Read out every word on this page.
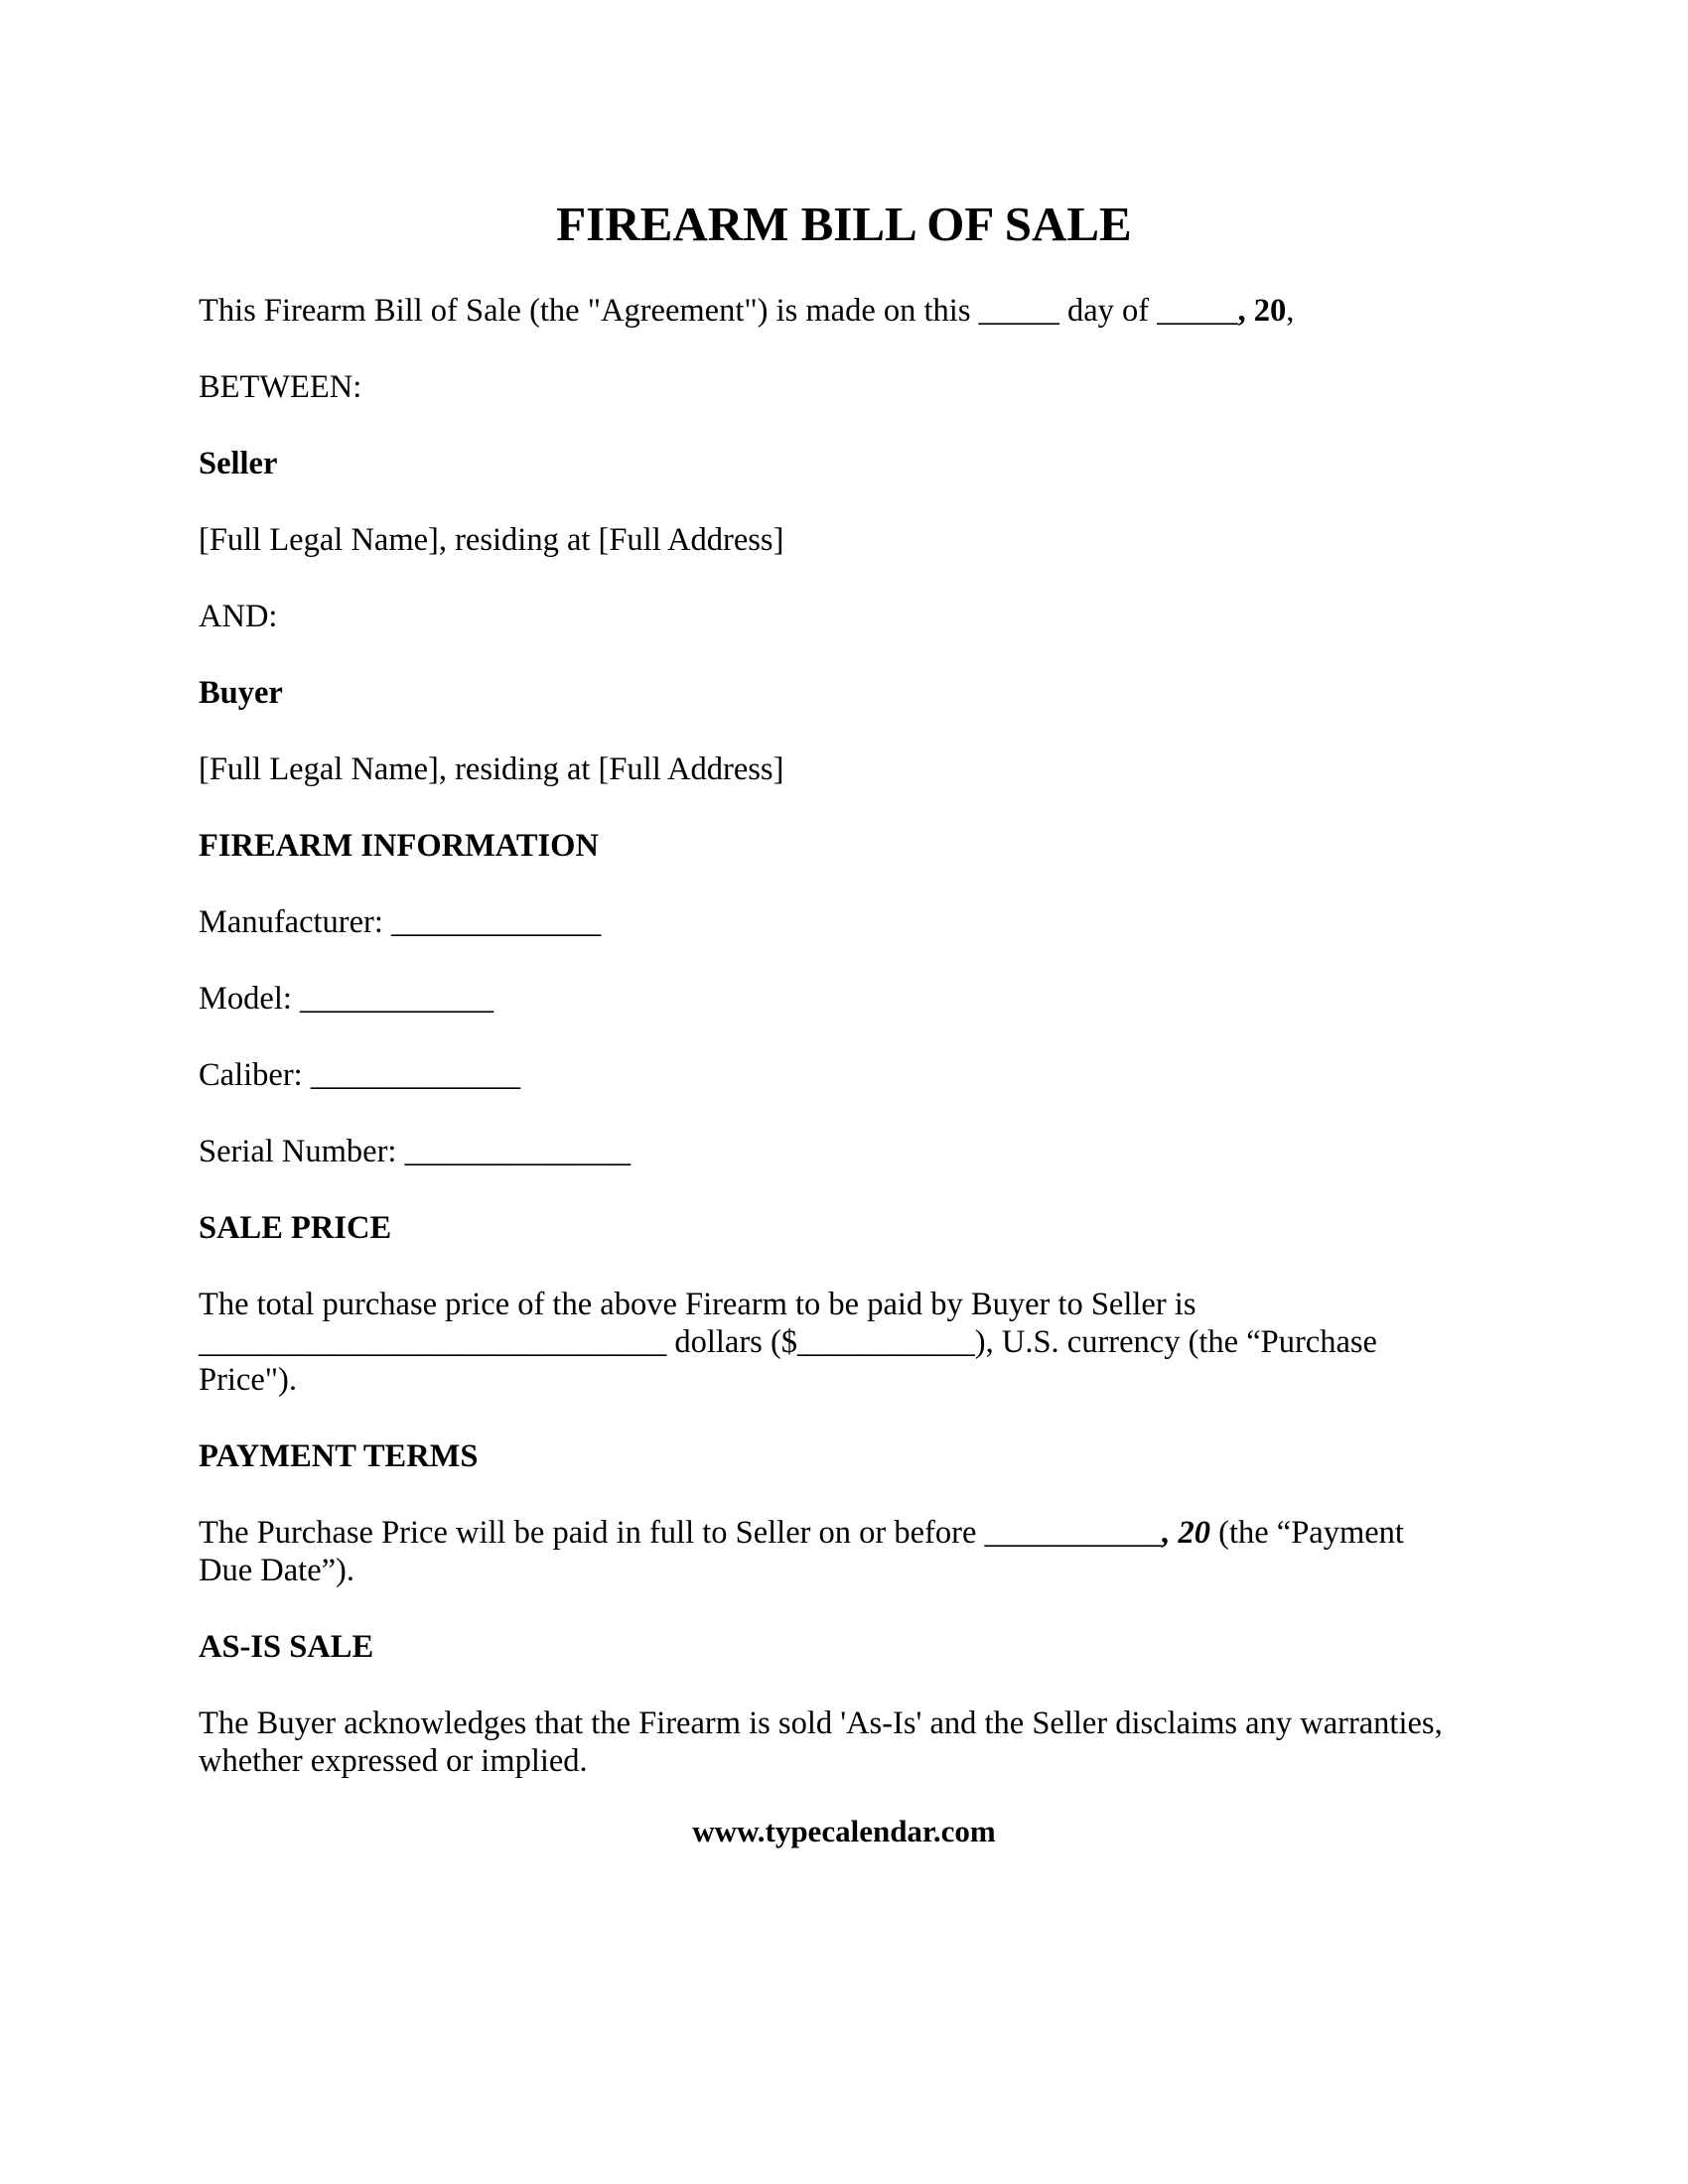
FIREARM BILL OF SALE

This Firearm Bill of Sale (the "Agreement") is made on this _____ day of _____, 20,

BETWEEN:

Seller

[Full Legal Name], residing at [Full Address]

AND:

Buyer

[Full Legal Name], residing at [Full Address]

FIREARM INFORMATION

Manufacturer: _____________

Model: ____________

Caliber: _____________

Serial Number: ______________

SALE PRICE

The total purchase price of the above Firearm to be paid by Buyer to Seller is

_____________________________ dollars ($___________), U.S. currency (the “Purchase

Price").

PAYMENT TERMS

The Purchase Price will be paid in full to Seller on or before ___________, 20 (the “Payment

Due Date”).

AS-IS SALE

The Buyer acknowledges that the Firearm is sold 'As-Is' and the Seller disclaims any warranties,

whether expressed or implied.

www.typecalendar.com
